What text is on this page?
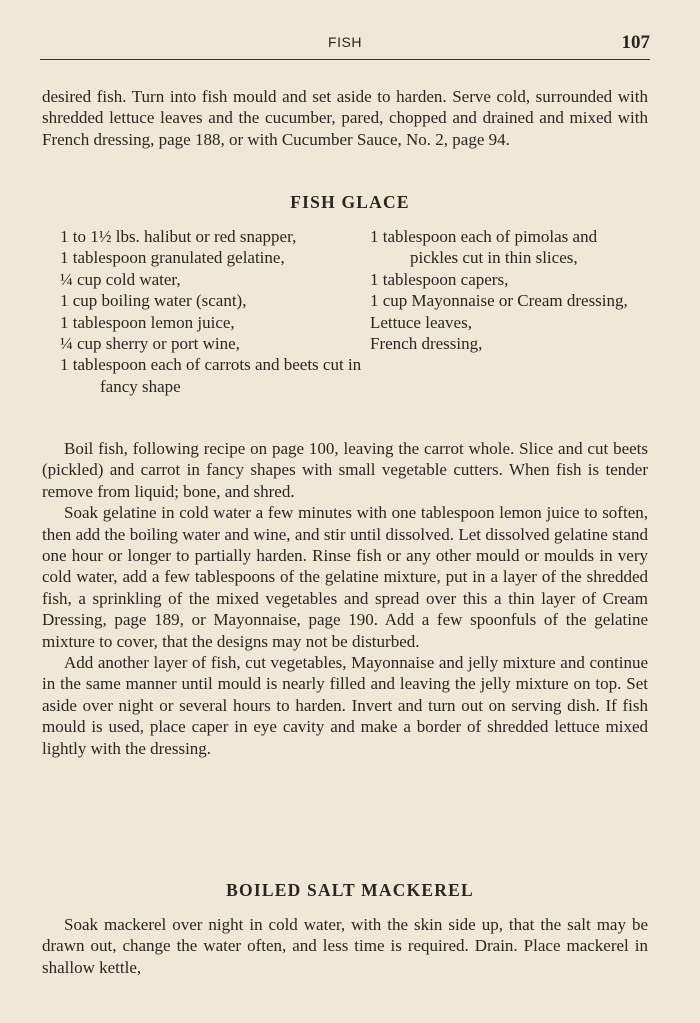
FISH	107

desired fish. Turn into fish mould and set aside to harden. Serve cold, surrounded with shredded lettuce leaves and the cucumber, pared, chopped and drained and mixed with French dressing, page 188, or with Cucumber Sauce, No. 2, page 94.

FISH GLACE
1 to 1½ lbs. halibut or red snapper,
1 tablespoon granulated gelatine,
¼ cup cold water,
1 cup boiling water (scant),
1 tablespoon lemon juice,
¼ cup sherry or port wine,
1 tablespoon each of carrots and beets cut in fancy shape
1 tablespoon each of pimolas and pickles cut in thin slices,
1 tablespoon capers,
1 cup Mayonnaise or Cream dressing,
Lettuce leaves,
French dressing,

Boil fish, following recipe on page 100, leaving the carrot whole. Slice and cut beets (pickled) and carrot in fancy shapes with small vegetable cutters. When fish is tender remove from liquid; bone, and shred.

Soak gelatine in cold water a few minutes with one tablespoon lemon juice to soften, then add the boiling water and wine, and stir until dissolved. Let dissolved gelatine stand one hour or longer to partially harden. Rinse fish or any other mould or moulds in very cold water, add a few tablespoons of the gelatine mixture, put in a layer of the shredded fish, a sprinkling of the mixed vegetables and spread over this a thin layer of Cream Dressing, page 189, or Mayonnaise, page 190. Add a few spoonfuls of the gelatine mixture to cover, that the designs may not be disturbed.

Add another layer of fish, cut vegetables, Mayonnaise and jelly mixture and continue in the same manner until mould is nearly filled and leaving the jelly mixture on top. Set aside over night or several hours to harden. Invert and turn out on serving dish. If fish mould is used, place caper in eye cavity and make a border of shredded lettuce mixed lightly with the dressing.

BOILED SALT MACKEREL

Soak mackerel over night in cold water, with the skin side up, that the salt may be drawn out, change the water often, and less time is required. Drain. Place mackerel in shallow kettle,
